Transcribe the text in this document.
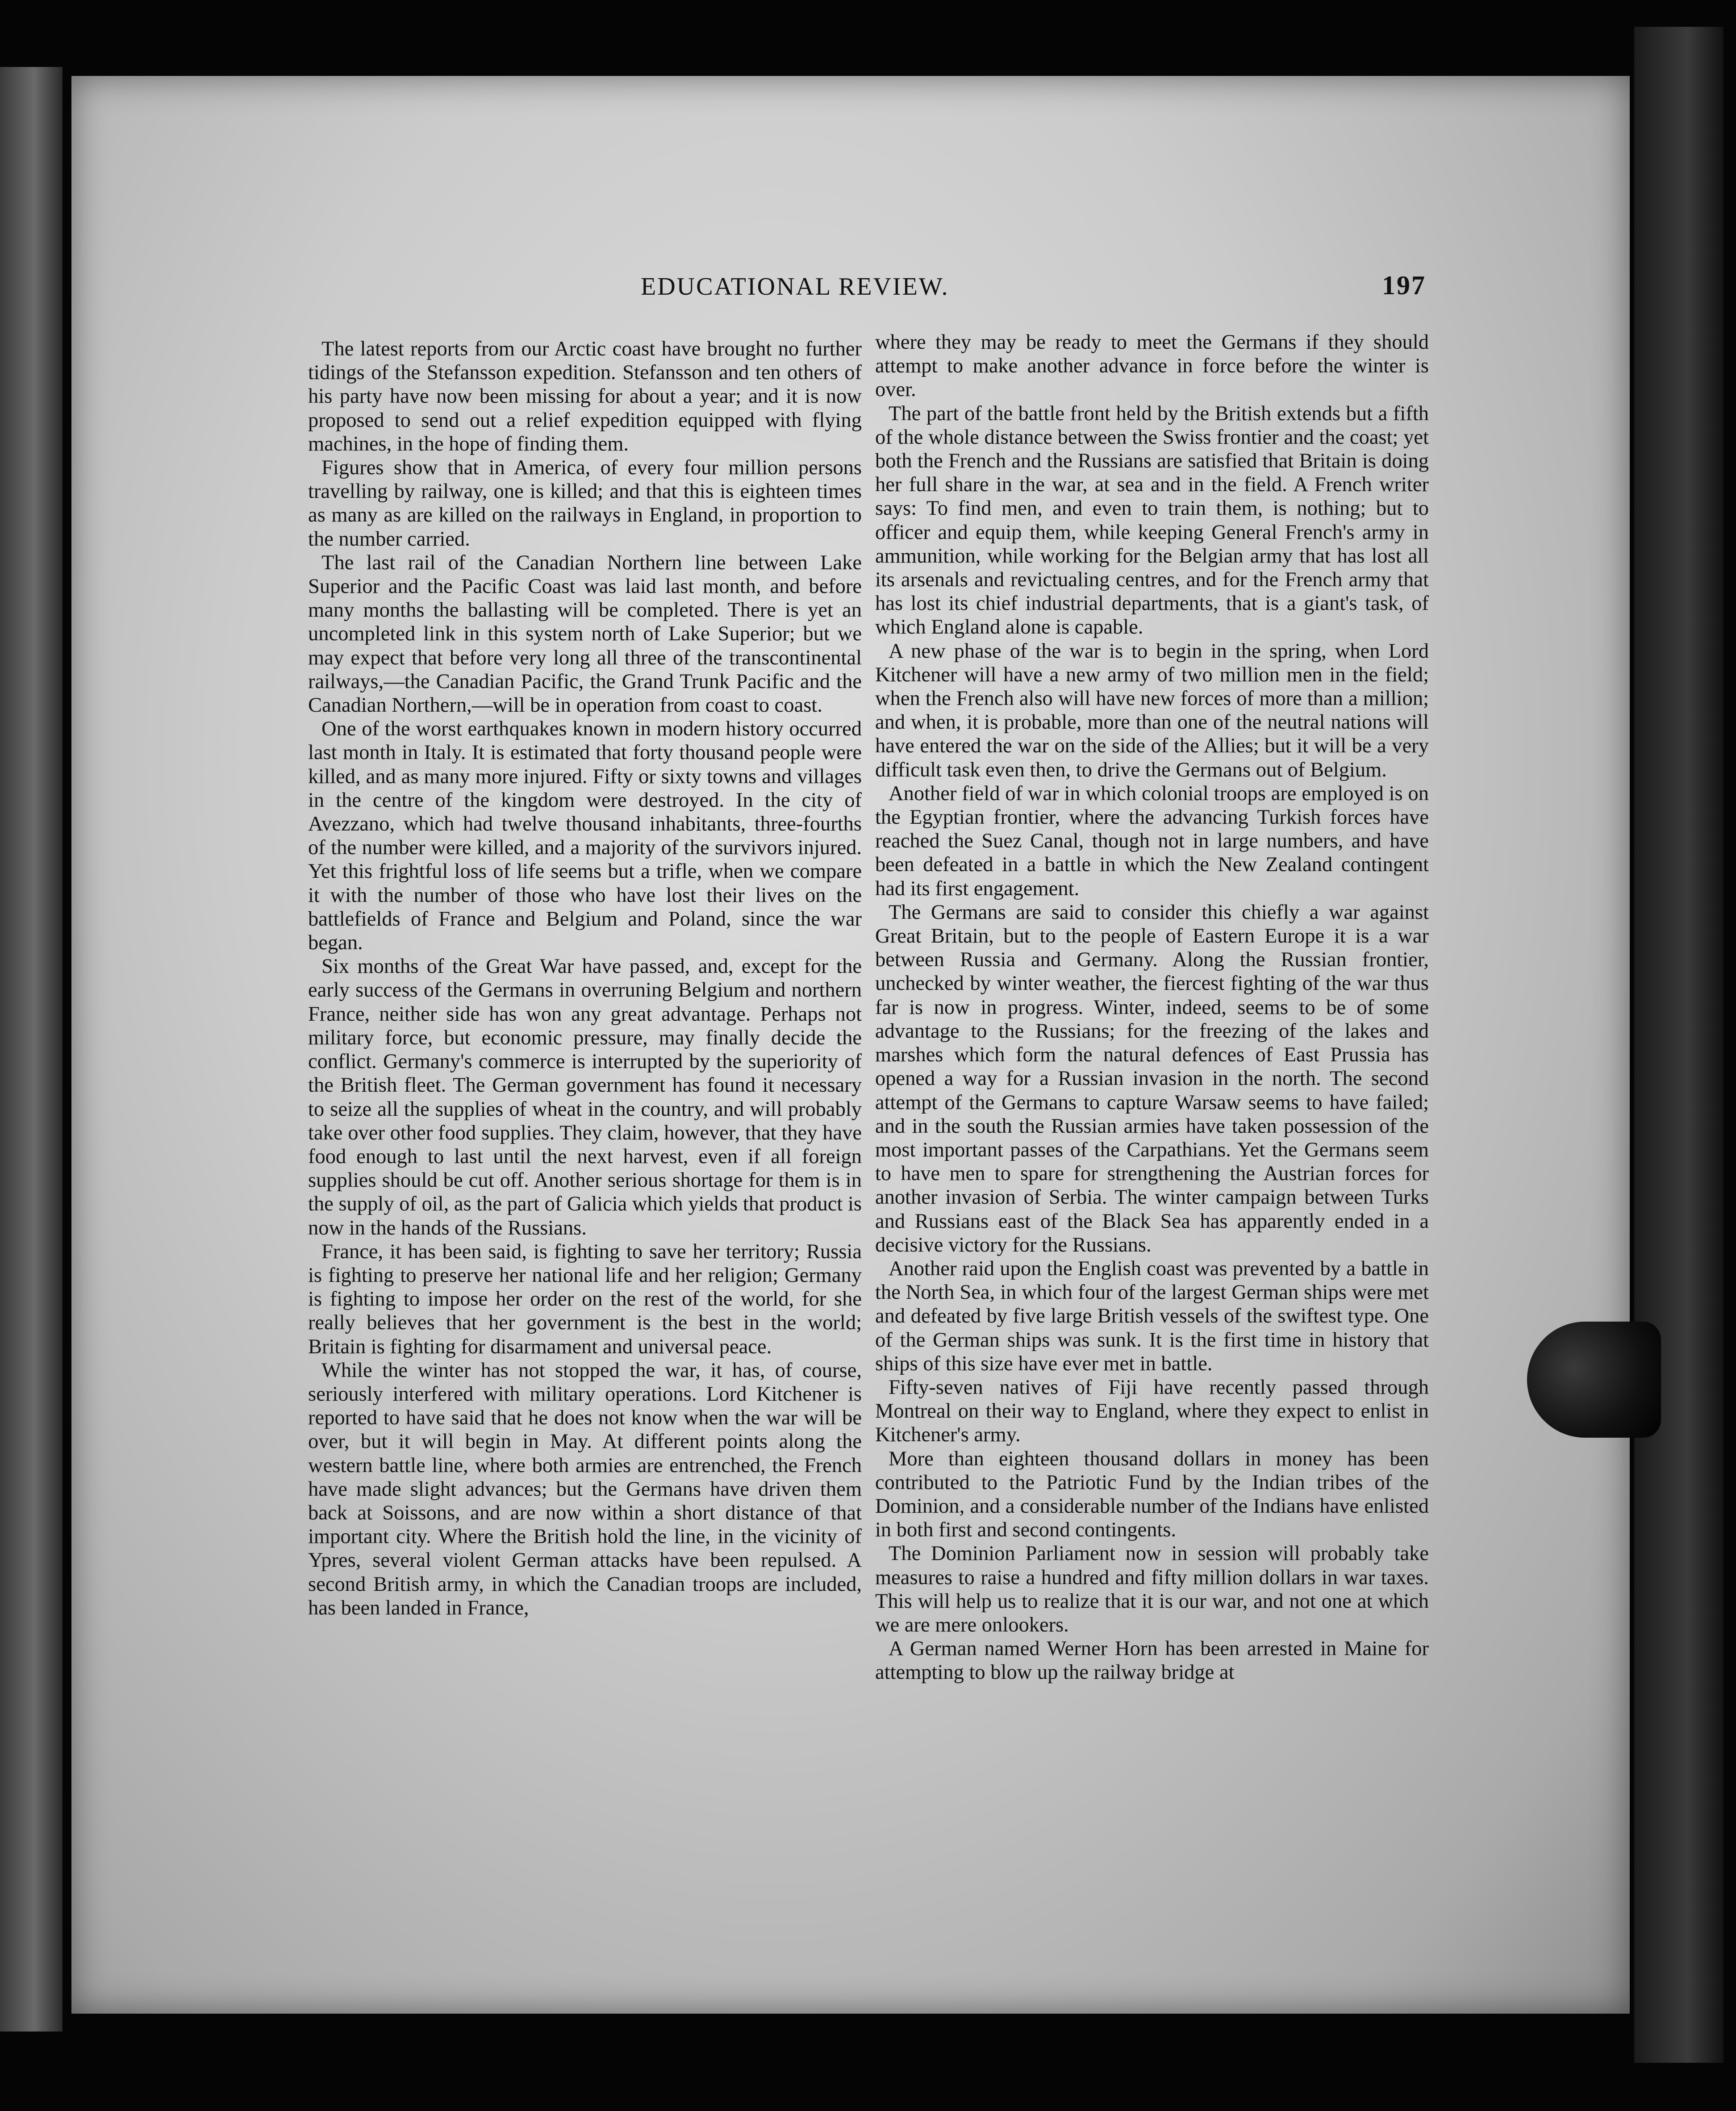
EDUCATIONAL REVIEW.	197

The latest reports from our Arctic coast have brought no further tidings of the Stefansson expedition. Stefansson and ten others of his party have now been missing for about a year; and it is now proposed to send out a relief expedition equipped with flying machines, in the hope of finding them.

Figures show that in America, of every four million persons travelling by railway, one is killed; and that this is eighteen times as many as are killed on the railways in England, in proportion to the number carried.

The last rail of the Canadian Northern line between Lake Superior and the Pacific Coast was laid last month, and before many months the ballasting will be completed. There is yet an uncompleted link in this system north of Lake Superior; but we may expect that before very long all three of the transcontinental railways,—the Canadian Pacific, the Grand Trunk Pacific and the Canadian Northern,—will be in operation from coast to coast.

One of the worst earthquakes known in modern history occurred last month in Italy. It is estimated that forty thousand people were killed, and as many more injured. Fifty or sixty towns and villages in the centre of the kingdom were destroyed. In the city of Avezzano, which had twelve thousand inhabitants, three-fourths of the number were killed, and a majority of the survivors injured. Yet this frightful loss of life seems but a trifle, when we compare it with the number of those who have lost their lives on the battlefields of France and Belgium and Poland, since the war began.

Six months of the Great War have passed, and, except for the early success of the Germans in overruning Belgium and northern France, neither side has won any great advantage. Perhaps not military force, but economic pressure, may finally decide the conflict. Germany's commerce is interrupted by the superiority of the British fleet. The German government has found it necessary to seize all the supplies of wheat in the country, and will probably take over other food supplies. They claim, however, that they have food enough to last until the next harvest, even if all foreign supplies should be cut off. Another serious shortage for them is in the supply of oil, as the part of Galicia which yields that product is now in the hands of the Russians.

France, it has been said, is fighting to save her territory; Russia is fighting to preserve her national life and her religion; Germany is fighting to impose her order on the rest of the world, for she really believes that her government is the best in the world; Britain is fighting for disarmament and universal peace.

While the winter has not stopped the war, it has, of course, seriously interfered with military operations. Lord Kitchener is reported to have said that he does not know when the war will be over, but it will begin in May. At different points along the western battle line, where both armies are entrenched, the French have made slight advances; but the Germans have driven them back at Soissons, and are now within a short distance of that important city. Where the British hold the line, in the vicinity of Ypres, several violent German attacks have been repulsed. A second British army, in which the Canadian troops are included, has been landed in France,

where they may be ready to meet the Germans if they should attempt to make another advance in force before the winter is over.

The part of the battle front held by the British extends but a fifth of the whole distance between the Swiss frontier and the coast; yet both the French and the Russians are satisfied that Britain is doing her full share in the war, at sea and in the field. A French writer says: To find men, and even to train them, is nothing; but to officer and equip them, while keeping General French's army in ammunition, while working for the Belgian army that has lost all its arsenals and revictualing centres, and for the French army that has lost its chief industrial departments, that is a giant's task, of which England alone is capable.

A new phase of the war is to begin in the spring, when Lord Kitchener will have a new army of two million men in the field; when the French also will have new forces of more than a million; and when, it is probable, more than one of the neutral nations will have entered the war on the side of the Allies; but it will be a very difficult task even then, to drive the Germans out of Belgium.

Another field of war in which colonial troops are employed is on the Egyptian frontier, where the advancing Turkish forces have reached the Suez Canal, though not in large numbers, and have been defeated in a battle in which the New Zealand contingent had its first engagement.

The Germans are said to consider this chiefly a war against Great Britain, but to the people of Eastern Europe it is a war between Russia and Germany. Along the Russian frontier, unchecked by winter weather, the fiercest fighting of the war thus far is now in progress. Winter, indeed, seems to be of some advantage to the Russians; for the freezing of the lakes and marshes which form the natural defences of East Prussia has opened a way for a Russian invasion in the north. The second attempt of the Germans to capture Warsaw seems to have failed; and in the south the Russian armies have taken possession of the most important passes of the Carpathians. Yet the Germans seem to have men to spare for strengthening the Austrian forces for another invasion of Serbia. The winter campaign between Turks and Russians east of the Black Sea has apparently ended in a decisive victory for the Russians.

Another raid upon the English coast was prevented by a battle in the North Sea, in which four of the largest German ships were met and defeated by five large British vessels of the swiftest type. One of the German ships was sunk. It is the first time in history that ships of this size have ever met in battle.

Fifty-seven natives of Fiji have recently passed through Montreal on their way to England, where they expect to enlist in Kitchener's army.

More than eighteen thousand dollars in money has been contributed to the Patriotic Fund by the Indian tribes of the Dominion, and a considerable number of the Indians have enlisted in both first and second contingents.

The Dominion Parliament now in session will probably take measures to raise a hundred and fifty million dollars in war taxes. This will help us to realize that it is our war, and not one at which we are mere onlookers.

A German named Werner Horn has been arrested in Maine for attempting to blow up the railway bridge at
